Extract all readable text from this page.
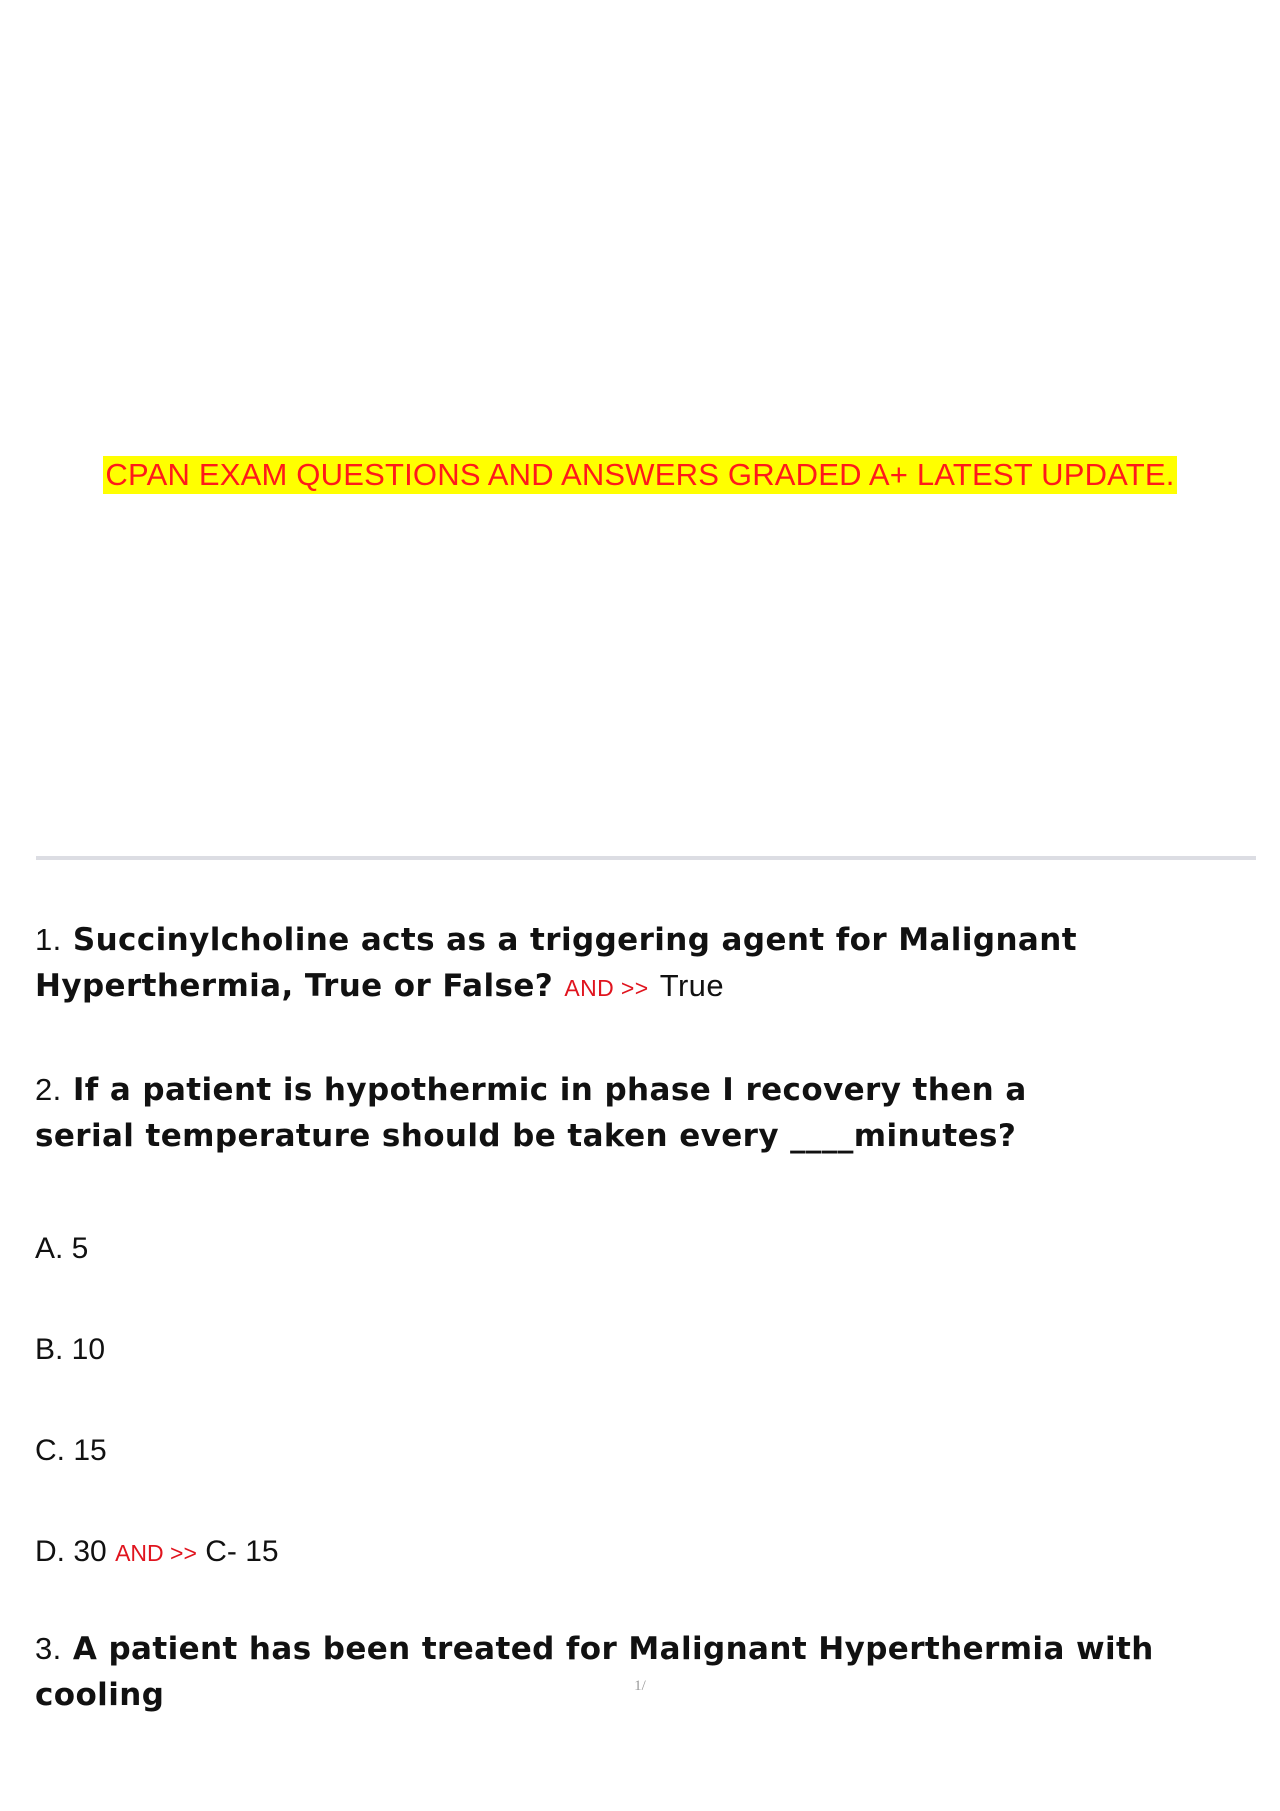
CPAN EXAM QUESTIONS AND ANSWERS GRADED A+ LATEST UPDATE.
1. Succinylcholine acts as a triggering agent for Malignant Hyperthermia, True or False? AND >> True
2. If a patient is hypothermic in phase I recovery then a serial temperature should be taken every ____minutes?
A. 5
B. 10
C. 15
D. 30 AND >> C- 15
3. A patient has been treated for Malignant Hyperthermia with cooling	1/
